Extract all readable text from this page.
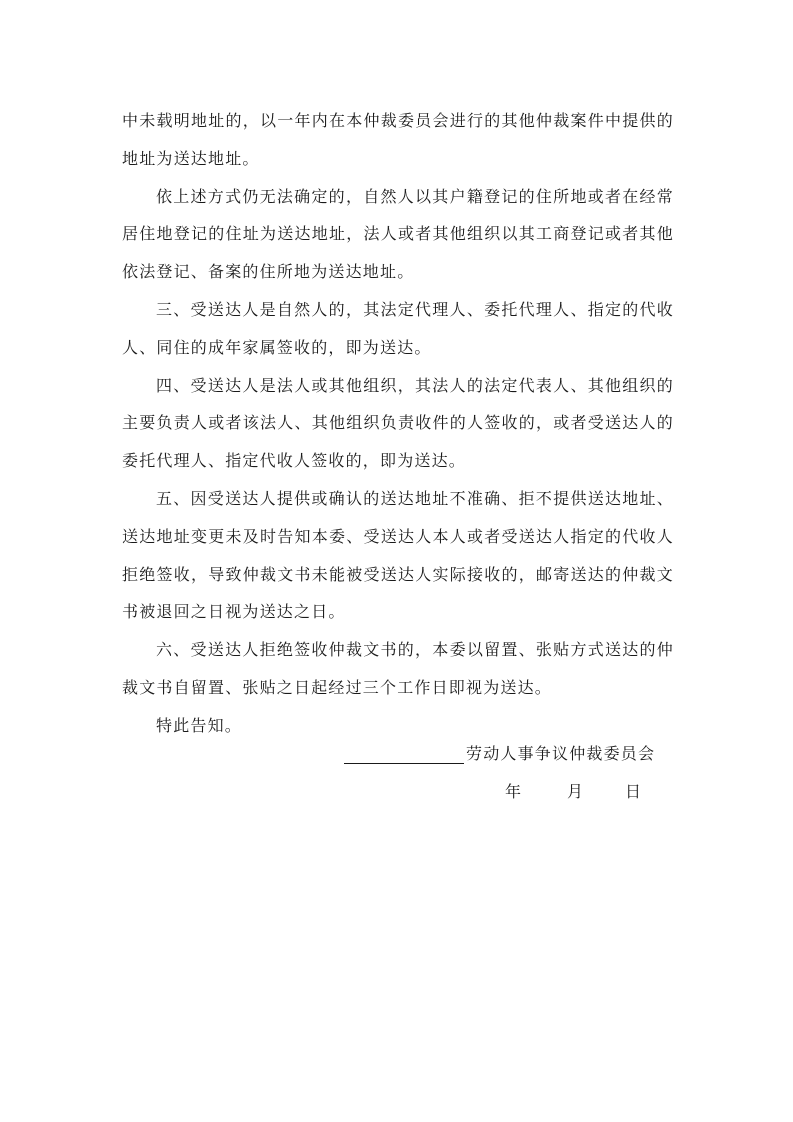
中未载明地址的，以一年内在本仲裁委员会进行的其他仲裁案件中提供的地址为送达地址。

依上述方式仍无法确定的，自然人以其户籍登记的住所地或者在经常居住地登记的住址为送达地址，法人或者其他组织以其工商登记或者其他依法登记、备案的住所地为送达地址。

三、受送达人是自然人的，其法定代理人、委托代理人、指定的代收人、同住的成年家属签收的，即为送达。

四、受送达人是法人或其他组织，其法人的法定代表人、其他组织的主要负责人或者该法人、其他组织负责收件的人签收的，或者受送达人的委托代理人、指定代收人签收的，即为送达。

五、因受送达人提供或确认的送达地址不准确、拒不提供送达地址、送达地址变更未及时告知本委、受送达人本人或者受送达人指定的代收人拒绝签收，导致仲裁文书未能被受送达人实际接收的，邮寄送达的仲裁文书被退回之日视为送达之日。

六、受送达人拒绝签收仲裁文书的，本委以留置、张贴方式送达的仲裁文书自留置、张贴之日起经过三个工作日即视为送达。

特此告知。

劳动人事争议仲裁委员会
年	月	日
